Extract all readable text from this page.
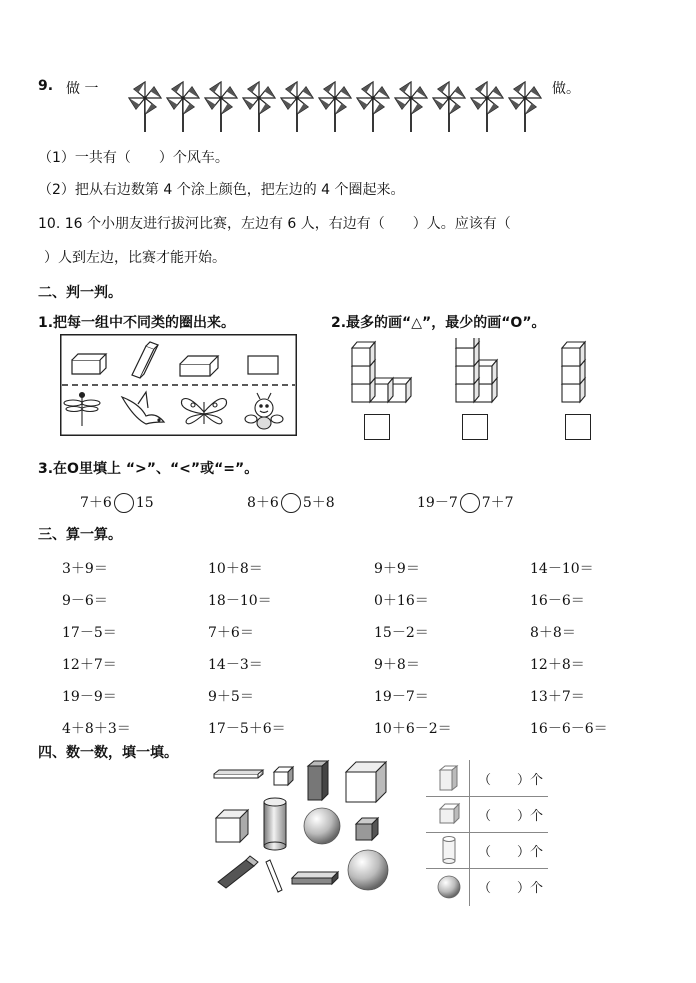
9. 做 一	做。
（1）一共有（　　）个风车。
（2）把从右边数第 4 个涂上颜色，把左边的 4 个圈起来。
10. 16 个小朋友进行拔河比赛，左边有 6 人，右边有（　　）人。应该有（
）人到左边，比赛才能开始。
二、判一判。
1.把每一组中不同类的圈出来。	2.最多的画“△”，最少的画“O”。
3.在O里填上 “>”、“<”或“=”。
7＋6 15	8＋6 5＋8	19－7 7＋7
三、算一算。
3＋9＝	10＋8＝	9＋9＝	14－10＝
9－6＝	18－10＝	0＋16＝	16－6＝
17－5＝	7＋6＝	15－2＝	8＋8＝
12＋7＝	14－3＝	9＋8＝	12＋8＝
19－9＝	9＋5＝	19－7＝	13＋7＝
4＋8＋3＝	17－5＋6＝	10＋6－2＝	16－6－6＝
四、数一数，填一填。
（　　）个
（　　）个
（　　）个
（　　）个
